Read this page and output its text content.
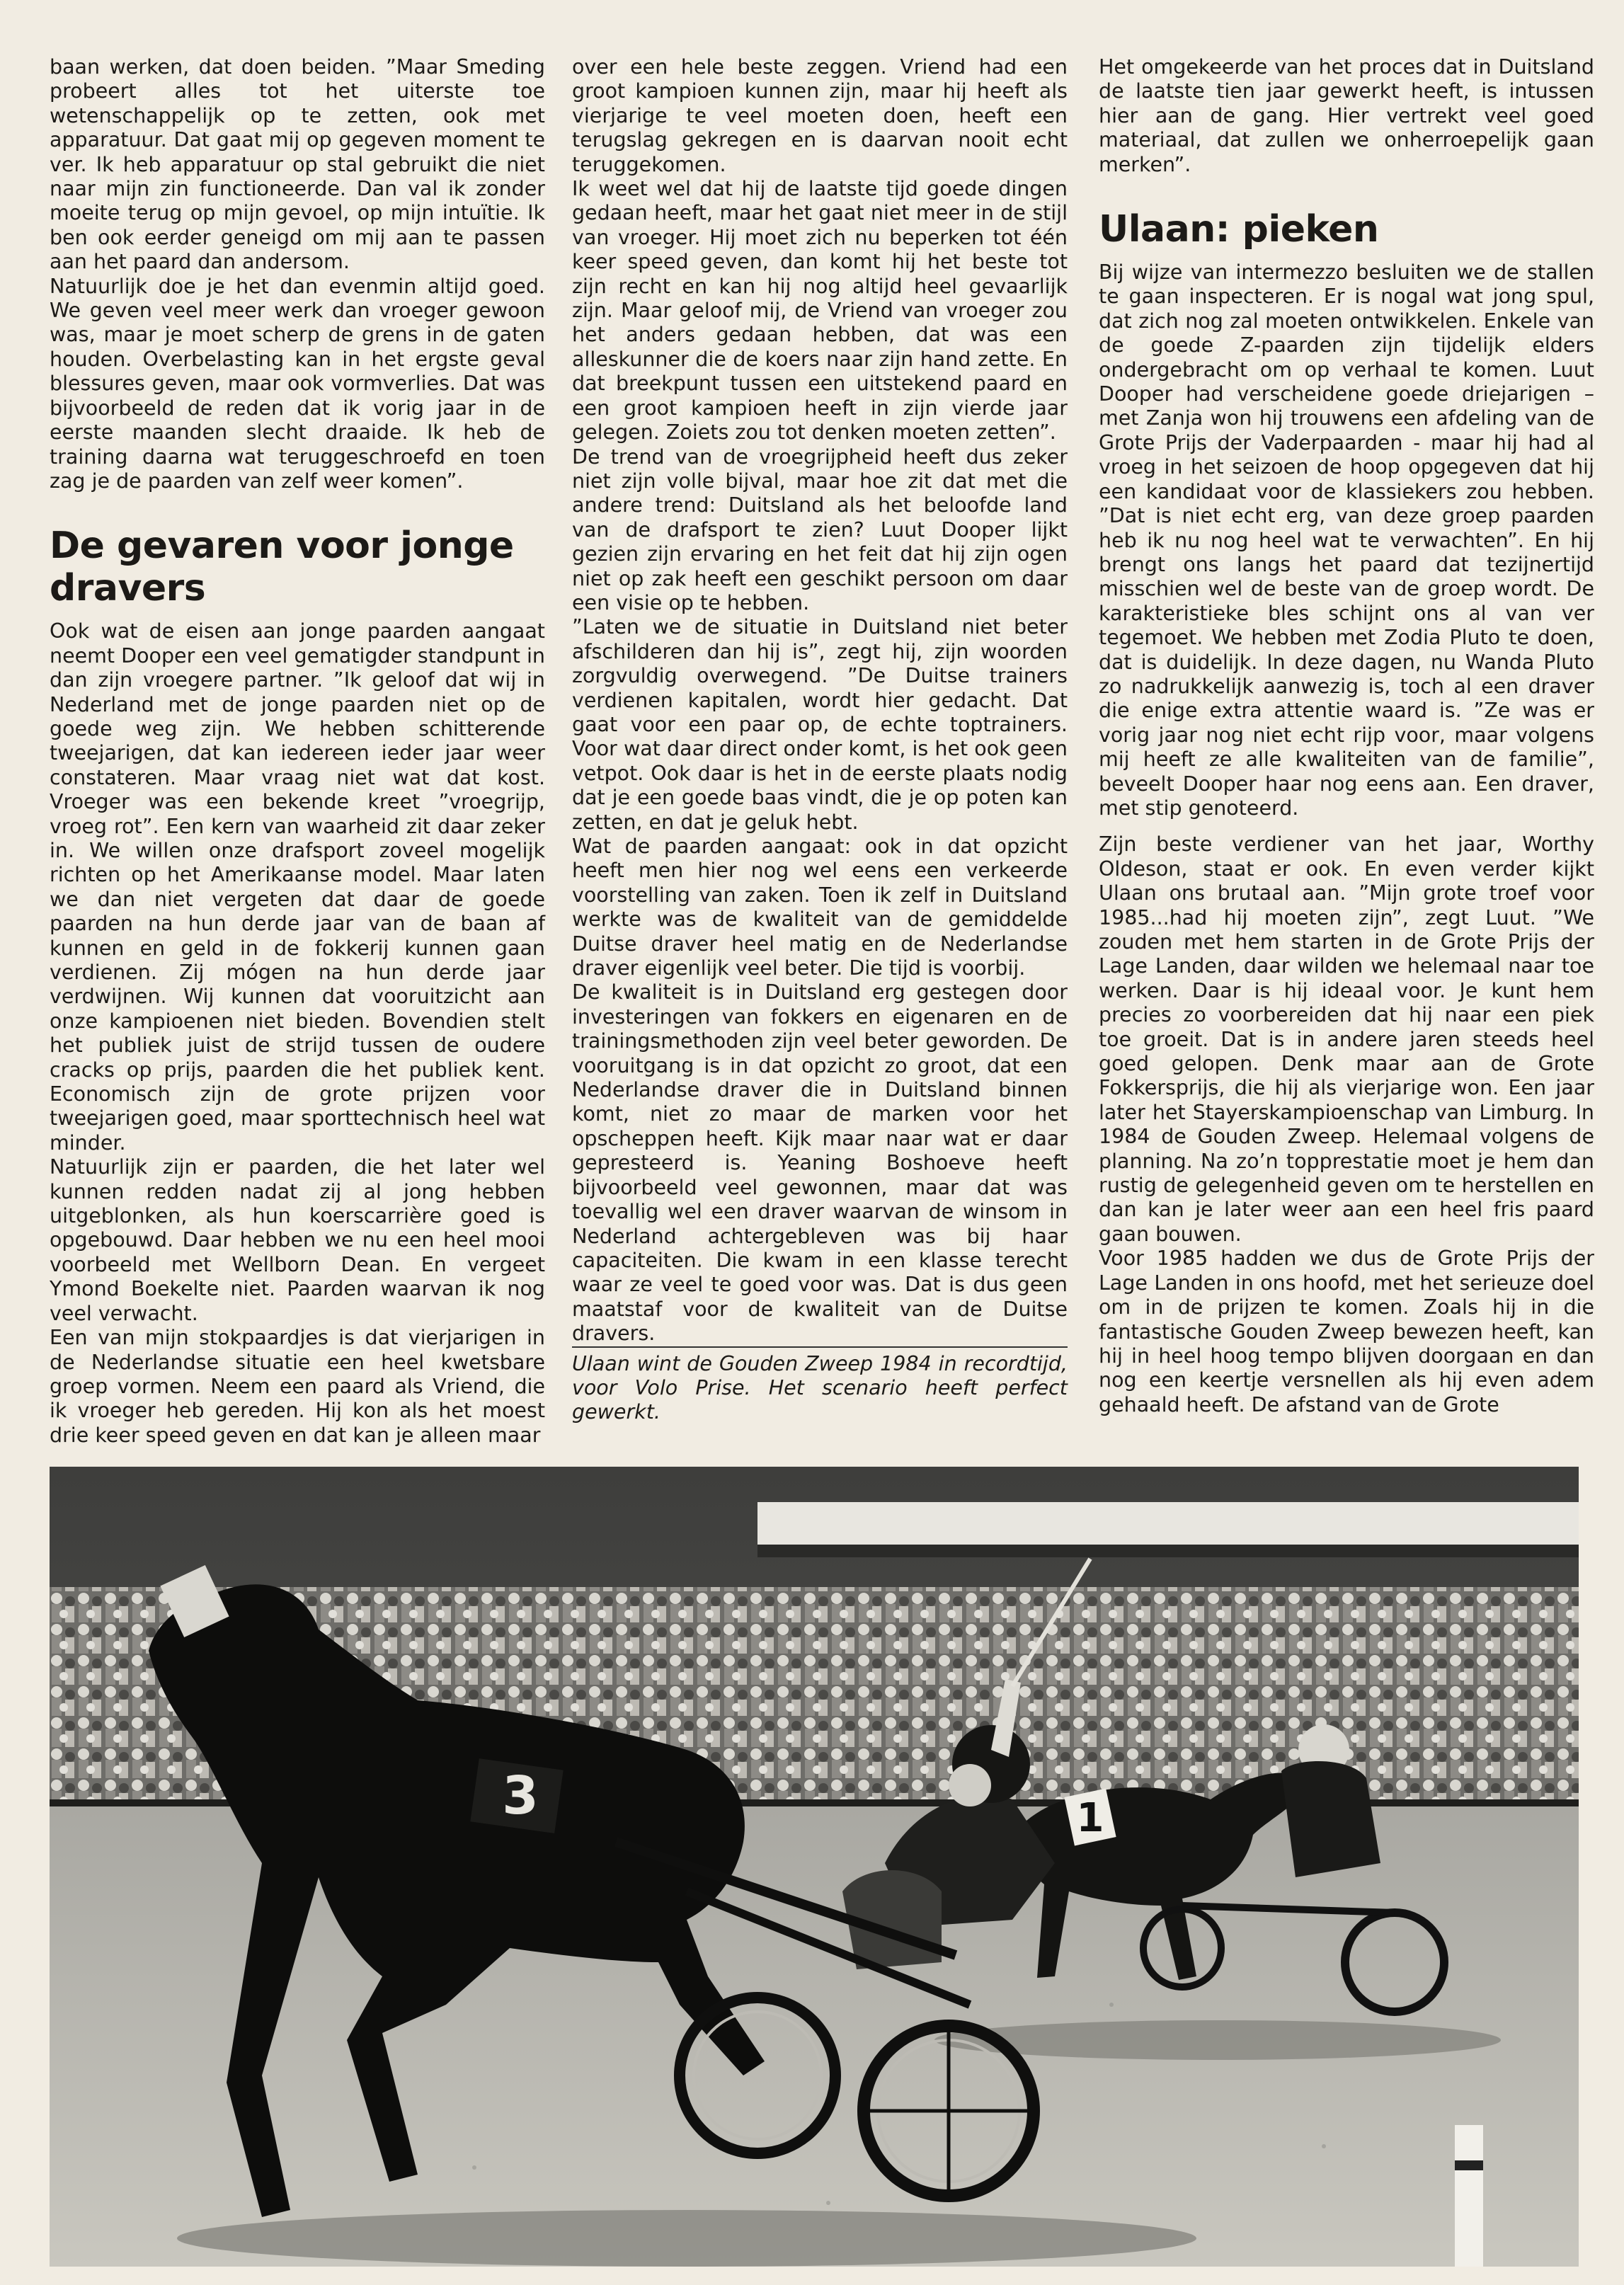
baan werken, dat doen beiden. ”Maar Smeding probeert alles tot het uiterste toe wetenschappelijk op te zetten, ook met apparatuur. Dat gaat mij op gegeven moment te ver. Ik heb apparatuur op stal gebruikt die niet naar mijn zin functioneerde. Dan val ik zonder moeite terug op mijn gevoel, op mijn intuïtie. Ik ben ook eerder geneigd om mij aan te passen aan het paard dan andersom.

Natuurlijk doe je het dan evenmin altijd goed. We geven veel meer werk dan vroeger gewoon was, maar je moet scherp de grens in de gaten houden. Overbelasting kan in het ergste geval blessures geven, maar ook vormverlies. Dat was bijvoorbeeld de reden dat ik vorig jaar in de eerste maanden slecht draaide. Ik heb de training daarna wat teruggeschroefd en toen zag je de paarden van zelf weer komen”.

De gevaren voor jonge dravers

Ook wat de eisen aan jonge paarden aangaat neemt Dooper een veel gematigder standpunt in dan zijn vroegere partner. ”Ik geloof dat wij in Nederland met de jonge paarden niet op de goede weg zijn. We hebben schitterende tweejarigen, dat kan iedereen ieder jaar weer constateren. Maar vraag niet wat dat kost. Vroeger was een bekende kreet ”vroegrijp, vroeg rot”. Een kern van waarheid zit daar zeker in. We willen onze drafsport zoveel mogelijk richten op het Amerikaanse model. Maar laten we dan niet vergeten dat daar de goede paarden na hun derde jaar van de baan af kunnen en geld in de fokkerij kunnen gaan verdienen. Zij mógen na hun derde jaar verdwijnen. Wij kunnen dat vooruitzicht aan onze kampioenen niet bieden. Bovendien stelt het publiek juist de strijd tussen de oudere cracks op prijs, paarden die het publiek kent. Economisch zijn de grote prijzen voor tweejarigen goed, maar sporttechnisch heel wat minder.

Natuurlijk zijn er paarden, die het later wel kunnen redden nadat zij al jong hebben uitgeblonken, als hun koerscarrière goed is opgebouwd. Daar hebben we nu een heel mooi voorbeeld met Wellborn Dean. En vergeet Ymond Boekelte niet. Paarden waarvan ik nog veel verwacht.

Een van mijn stokpaardjes is dat vierjarigen in de Nederlandse situatie een heel kwetsbare groep vormen. Neem een paard als Vriend, die ik vroeger heb gereden. Hij kon als het moest drie keer speed geven en dat kan je alleen maar

over een hele beste zeggen. Vriend had een groot kampioen kunnen zijn, maar hij heeft als vierjarige te veel moeten doen, heeft een terugslag gekregen en is daarvan nooit echt teruggekomen.

Ik weet wel dat hij de laatste tijd goede dingen gedaan heeft, maar het gaat niet meer in de stijl van vroeger. Hij moet zich nu beperken tot één keer speed geven, dan komt hij het beste tot zijn recht en kan hij nog altijd heel gevaarlijk zijn. Maar geloof mij, de Vriend van vroeger zou het anders gedaan hebben, dat was een alleskunner die de koers naar zijn hand zette. En dat breekpunt tussen een uitstekend paard en een groot kampioen heeft in zijn vierde jaar gelegen. Zoiets zou tot denken moeten zetten”.

De trend van de vroegrijpheid heeft dus zeker niet zijn volle bijval, maar hoe zit dat met die andere trend: Duitsland als het beloofde land van de drafsport te zien? Luut Dooper lijkt gezien zijn ervaring en het feit dat hij zijn ogen niet op zak heeft een geschikt persoon om daar een visie op te hebben.

”Laten we de situatie in Duitsland niet beter afschilderen dan hij is”, zegt hij, zijn woorden zorgvuldig overwegend. ”De Duitse trainers verdienen kapitalen, wordt hier gedacht. Dat gaat voor een paar op, de echte toptrainers. Voor wat daar direct onder komt, is het ook geen vetpot. Ook daar is het in de eerste plaats nodig dat je een goede baas vindt, die je op poten kan zetten, en dat je geluk hebt.

Wat de paarden aangaat: ook in dat opzicht heeft men hier nog wel eens een verkeerde voorstelling van zaken. Toen ik zelf in Duitsland werkte was de kwaliteit van de gemiddelde Duitse draver heel matig en de Nederlandse draver eigenlijk veel beter. Die tijd is voorbij.

De kwaliteit is in Duitsland erg gestegen door investeringen van fokkers en eigenaren en de trainingsmethoden zijn veel beter geworden. De vooruitgang is in dat opzicht zo groot, dat een Nederlandse draver die in Duitsland binnen komt, niet zo maar de marken voor het opscheppen heeft. Kijk maar naar wat er daar gepresteerd is. Yeaning Boshoeve heeft bijvoorbeeld veel gewonnen, maar dat was toevallig wel een draver waarvan de winsom in Nederland achtergebleven was bij haar capaciteiten. Die kwam in een klasse terecht waar ze veel te goed voor was. Dat is dus geen maatstaf voor de kwaliteit van de Duitse dravers.

Ulaan wint de Gouden Zweep 1984 in recordtijd, voor Volo Prise. Het scenario heeft perfect gewerkt.

Het omgekeerde van het proces dat in Duitsland de laatste tien jaar gewerkt heeft, is intussen hier aan de gang. Hier vertrekt veel goed materiaal, dat zullen we onherroepelijk gaan merken”.

Ulaan: pieken

Bij wijze van intermezzo besluiten we de stallen te gaan inspecteren. Er is nogal wat jong spul, dat zich nog zal moeten ontwikkelen. Enkele van de goede Z-paarden zijn tijdelijk elders ondergebracht om op verhaal te komen. Luut Dooper had verscheidene goede driejarigen – met Zanja won hij trouwens een afdeling van de Grote Prijs der Vaderpaarden - maar hij had al vroeg in het seizoen de hoop opgegeven dat hij een kandidaat voor de klassiekers zou hebben. ”Dat is niet echt erg, van deze groep paarden heb ik nu nog heel wat te verwachten”. En hij brengt ons langs het paard dat tezijnertijd misschien wel de beste van de groep wordt. De karakteristieke bles schijnt ons al van ver tegemoet. We hebben met Zodia Pluto te doen, dat is duidelijk. In deze dagen, nu Wanda Pluto zo nadrukkelijk aanwezig is, toch al een draver die enige extra attentie waard is. ”Ze was er vorig jaar nog niet echt rijp voor, maar volgens mij heeft ze alle kwaliteiten van de familie”, beveelt Dooper haar nog eens aan. Een draver, met stip genoteerd.

Zijn beste verdiener van het jaar, Worthy Oldeson, staat er ook. En even verder kijkt Ulaan ons brutaal aan. ”Mijn grote troef voor 1985...had hij moeten zijn”, zegt Luut. ”We zouden met hem starten in de Grote Prijs der Lage Landen, daar wilden we helemaal naar toe werken. Daar is hij ideaal voor. Je kunt hem precies zo voorbereiden dat hij naar een piek toe groeit. Dat is in andere jaren steeds heel goed gelopen. Denk maar aan de Grote Fokkersprijs, die hij als vierjarige won. Een jaar later het Stayerskampioenschap van Limburg. In 1984 de Gouden Zweep. Helemaal volgens de planning. Na zo’n topprestatie moet je hem dan rustig de gelegenheid geven om te herstellen en dan kan je later weer aan een heel fris paard gaan bouwen.

Voor 1985 hadden we dus de Grote Prijs der Lage Landen in ons hoofd, met het serieuze doel om in de prijzen te komen. Zoals hij in die fantastische Gouden Zweep bewezen heeft, kan hij in heel hoog tempo blijven doorgaan en dan nog een keertje versnellen als hij even adem gehaald heeft. De afstand van de Grote

1
3
